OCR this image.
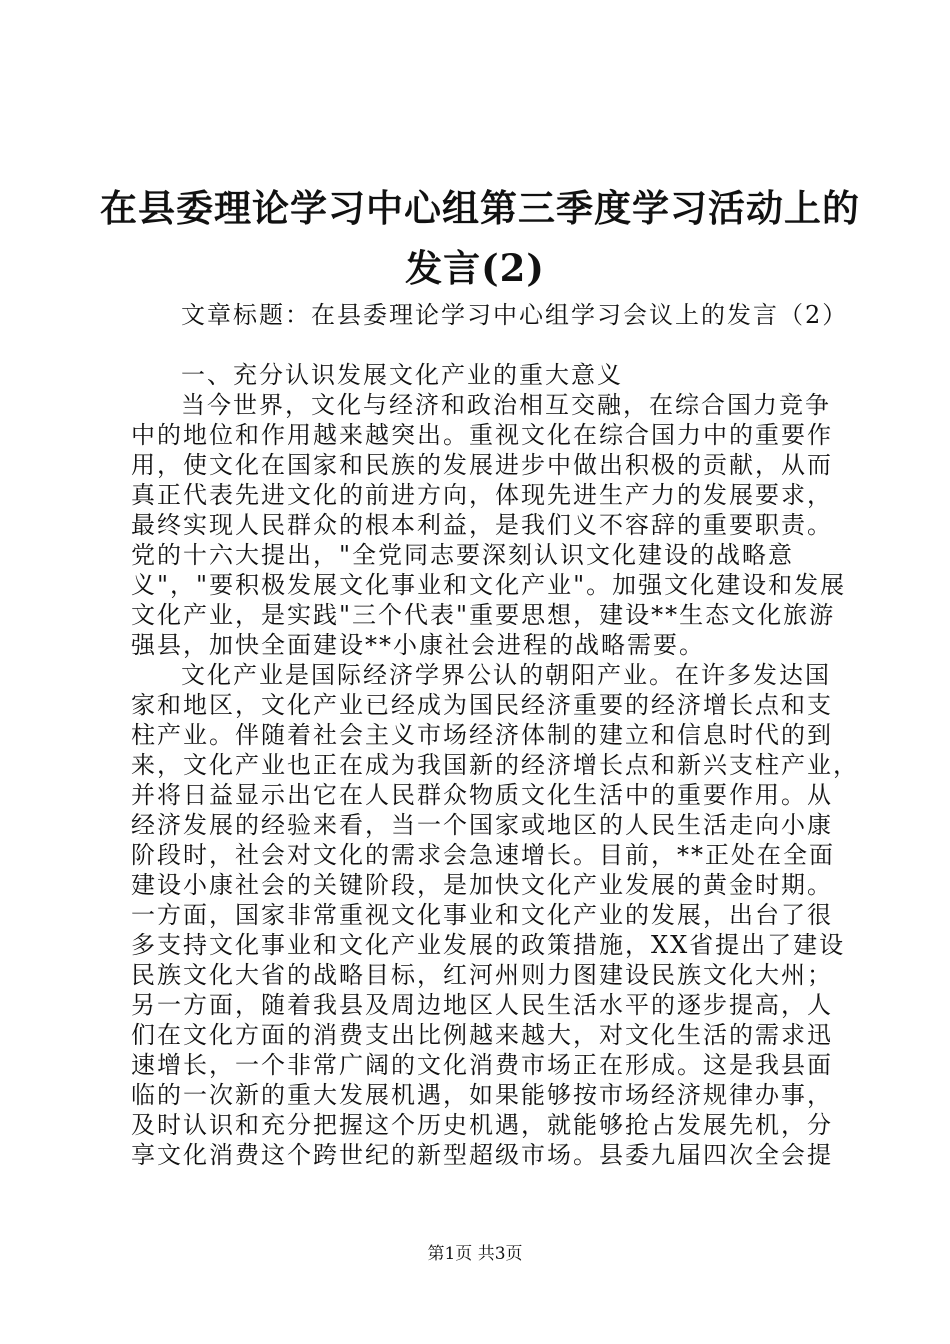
在县委理论学习中心组第三季度学习活动上的
发言(2)
文章标题：在县委理论学习中心组学习会议上的发言（2）
一、充分认识发展文化产业的重大意义
当今世界，文化与经济和政治相互交融，在综合国力竞争
中的地位和作用越来越突出。重视文化在综合国力中的重要作
用，使文化在国家和民族的发展进步中做出积极的贡献，从而
真正代表先进文化的前进方向，体现先进生产力的发展要求，
最终实现人民群众的根本利益，是我们义不容辞的重要职责。
党的十六大提出，"全党同志要深刻认识文化建设的战略意
义"，"要积极发展文化事业和文化产业"。加强文化建设和发展
文化产业，是实践"三个代表"重要思想，建设**生态文化旅游
强县，加快全面建设**小康社会进程的战略需要。
文化产业是国际经济学界公认的朝阳产业。在许多发达国
家和地区，文化产业已经成为国民经济重要的经济增长点和支
柱产业。伴随着社会主义市场经济体制的建立和信息时代的到
来，文化产业也正在成为我国新的经济增长点和新兴支柱产业，
并将日益显示出它在人民群众物质文化生活中的重要作用。从
经济发展的经验来看，当一个国家或地区的人民生活走向小康
阶段时，社会对文化的需求会急速增长。目前，**正处在全面
建设小康社会的关键阶段，是加快文化产业发展的黄金时期。
一方面，国家非常重视文化事业和文化产业的发展，出台了很
多支持文化事业和文化产业发展的政策措施，XX省提出了建设
民族文化大省的战略目标，红河州则力图建设民族文化大州；
另一方面，随着我县及周边地区人民生活水平的逐步提高，人
们在文化方面的消费支出比例越来越大，对文化生活的需求迅
速增长，一个非常广阔的文化消费市场正在形成。这是我县面
临的一次新的重大发展机遇，如果能够按市场经济规律办事，
及时认识和充分把握这个历史机遇，就能够抢占发展先机，分
享文化消费这个跨世纪的新型超级市场。县委九届四次全会提
第1页 共3页
